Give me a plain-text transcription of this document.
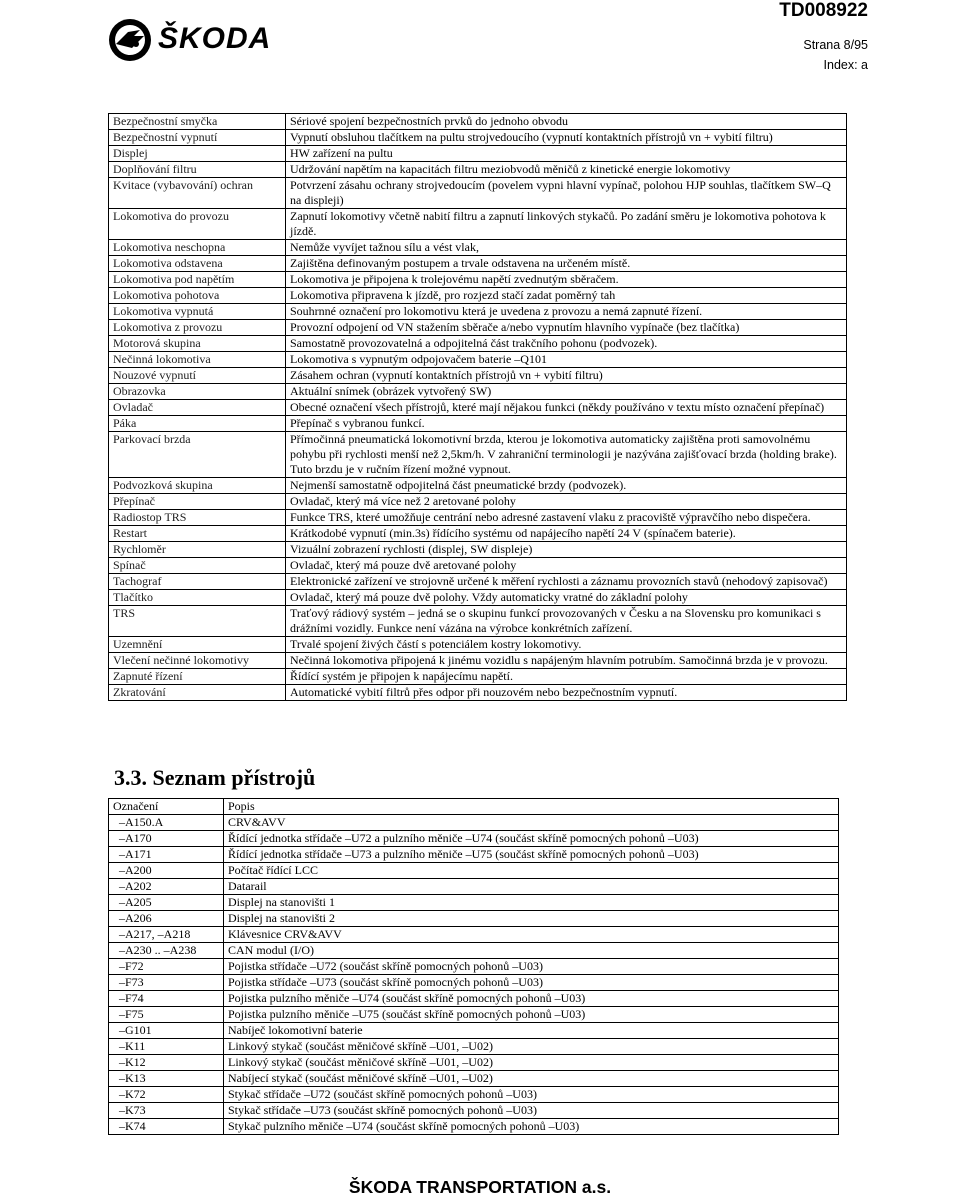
ŠKODA
TD008922
Strana 8/95
Index: a
Bezpečnostní smyčka	Sériové spojení bezpečnostních prvků do jednoho obvodu
Bezpečnostní vypnutí	Vypnutí obsluhou tlačítkem na pultu strojvedoucího (vypnutí kontaktních přístrojů vn + vybití filtru)
Displej	HW zařízení na pultu
Doplňování filtru	Udržování napětím na kapacitách filtru meziobvodů měničů z kinetické energie lokomotivy
Kvitace (vybavování) ochran	Potvrzení zásahu ochrany strojvedoucím (povelem vypni hlavní vypínač, polohou HJP souhlas, tlačítkem SW–Q na displeji)
Lokomotiva do provozu	Zapnutí lokomotivy včetně nabití filtru a zapnutí linkových stykačů. Po zadání směru je lokomotiva pohotova k jízdě.
Lokomotiva neschopna	Nemůže vyvíjet tažnou sílu a vést vlak,
Lokomotiva odstavena	Zajištěna definovaným postupem a trvale odstavena na určeném místě.
Lokomotiva pod napětím	Lokomotiva je připojena k trolejovému napětí zvednutým sběračem.
Lokomotiva pohotova	Lokomotiva připravena k jízdě, pro rozjezd stačí zadat poměrný tah
Lokomotiva vypnutá	Souhrnné označení pro lokomotivu která je uvedena z provozu a nemá zapnuté řízení.
Lokomotiva z provozu	Provozní odpojení od VN stažením sběrače a/nebo vypnutím hlavního vypínače (bez tlačítka)
Motorová skupina	Samostatně provozovatelná a odpojitelná část trakčního pohonu (podvozek).
Nečinná lokomotiva	Lokomotiva s vypnutým odpojovačem baterie –Q101
Nouzové vypnutí	Zásahem ochran (vypnutí kontaktních přístrojů vn + vybití filtru)
Obrazovka	Aktuální snímek (obrázek vytvořený SW)
Ovladač	Obecné označení všech přístrojů, které mají nějakou funkci (někdy používáno v textu místo označení přepínač)
Páka	Přepínač s vybranou funkcí.
Parkovací brzda	Přímočinná pneumatická lokomotivní brzda, kterou je lokomotiva automaticky zajištěna proti samovolnému pohybu při rychlosti menší než 2,5km/h. V zahraniční terminologii je nazývána zajišťovací brzda (holding brake). Tuto brzdu je v ručním řízení možné vypnout.
Podvozková skupina	Nejmenší samostatně odpojitelná část pneumatické brzdy (podvozek).
Přepínač	Ovladač, který má více než 2 aretované polohy
Radiostop TRS	Funkce TRS, které umožňuje centrání nebo adresné zastavení vlaku z pracoviště výpravčího nebo dispečera.
Restart	Krátkodobé vypnutí (min.3s) řídícího systému od napájecího napětí 24 V (spínačem baterie).
Rychloměr	Vizuální zobrazení rychlosti (displej, SW displeje)
Spínač	Ovladač, který má pouze dvě aretované polohy
Tachograf	Elektronické zařízení ve strojovně určené k měření rychlosti a záznamu provozních stavů (nehodový zapisovač)
Tlačítko	Ovladač, který má pouze dvě polohy. Vždy automaticky vratné do základní polohy
TRS	Traťový rádiový systém – jedná se o skupinu funkcí provozovaných v Česku a na Slovensku pro komunikaci s drážními vozidly. Funkce není vázána na výrobce konkrétních zařízení.
Uzemnění	Trvalé spojení živých částí s potenciálem kostry lokomotivy.
Vlečení nečinné lokomotivy	Nečinná lokomotiva připojená k jinému vozidlu s napájeným hlavním potrubím. Samočinná brzda je v provozu.
Zapnuté řízení	Řídící systém je připojen k napájecímu napětí.
Zkratování	Automatické vybití filtrů přes odpor při nouzovém nebo bezpečnostním vypnutí.
3.3. Seznam přístrojů
Označení	Popis
–A150.A	CRV&AVV
–A170	Řídící jednotka střídače –U72 a pulzního měniče –U74 (součást skříně pomocných pohonů –U03)
–A171	Řídící jednotka střídače –U73 a pulzního měniče –U75 (součást skříně pomocných pohonů –U03)
–A200	Počítač řídící LCC
–A202	Datarail
–A205	Displej na stanovišti 1
–A206	Displej na stanovišti 2
–A217, –A218	Klávesnice CRV&AVV
–A230 .. –A238	CAN modul (I/O)
–F72	Pojistka střídače –U72 (součást skříně pomocných pohonů –U03)
–F73	Pojistka střídače –U73 (součást skříně pomocných pohonů –U03)
–F74	Pojistka pulzního měniče –U74 (součást skříně pomocných pohonů –U03)
–F75	Pojistka pulzního měniče –U75 (součást skříně pomocných pohonů –U03)
–G101	Nabíječ lokomotivní baterie
–K11	Linkový stykač (součást měničové skříně –U01, –U02)
–K12	Linkový stykač (součást měničové skříně –U01, –U02)
–K13	Nabíjecí stykač (součást měničové skříně –U01, –U02)
–K72	Stykač střídače –U72 (součást skříně pomocných pohonů –U03)
–K73	Stykač střídače –U73 (součást skříně pomocných pohonů –U03)
–K74	Stykač pulzního měniče –U74 (součást skříně pomocných pohonů –U03)
ŠKODA TRANSPORTATION a.s.
